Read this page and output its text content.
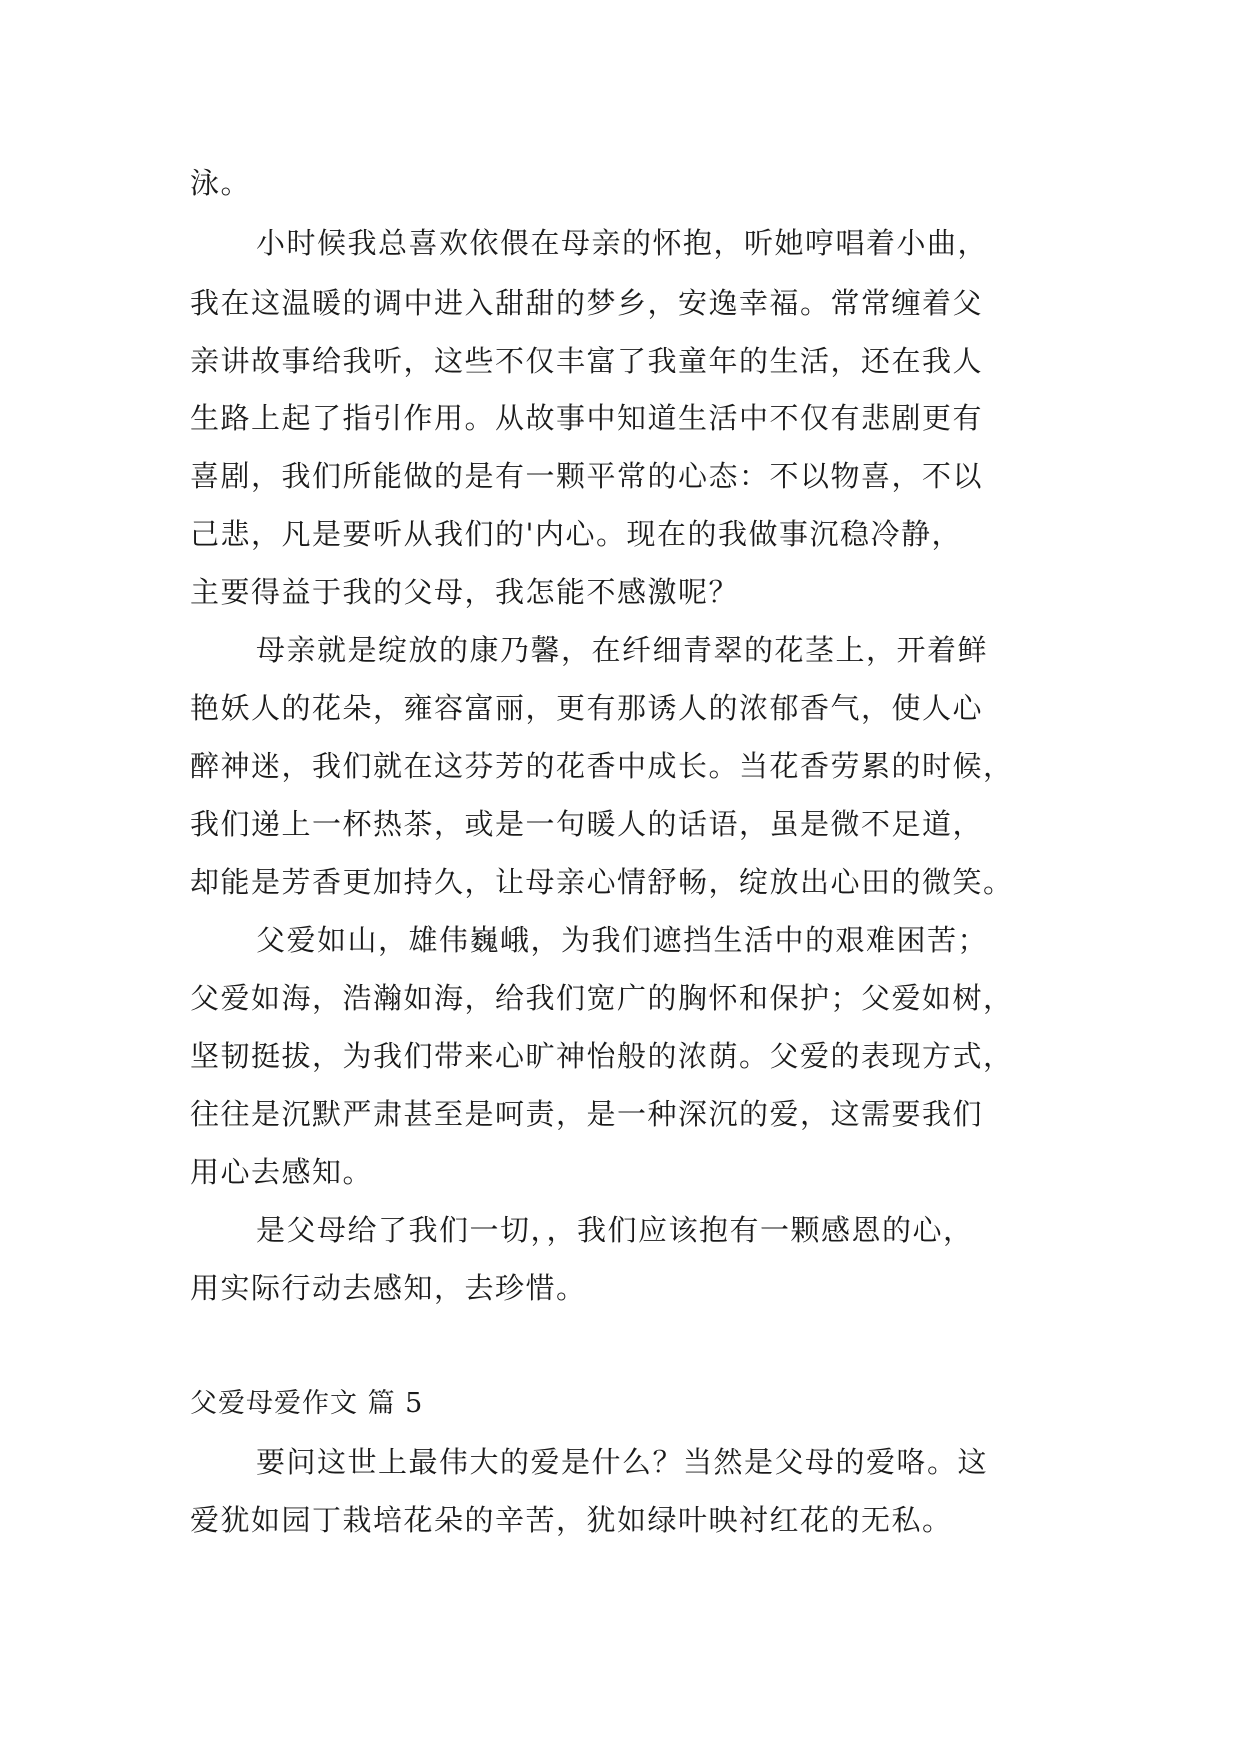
泳。
小时候我总喜欢依偎在母亲的怀抱，听她哼唱着小曲，
我在这温暖的调中进入甜甜的梦乡，安逸幸福。常常缠着父
亲讲故事给我听，这些不仅丰富了我童年的生活，还在我人
生路上起了指引作用。从故事中知道生活中不仅有悲剧更有
喜剧，我们所能做的是有一颗平常的心态：不以物喜，不以
己悲，凡是要听从我们的'内心。现在的我做事沉稳冷静，
主要得益于我的父母，我怎能不感激呢？
母亲就是绽放的康乃馨，在纤细青翠的花茎上，开着鲜
艳妖人的花朵，雍容富丽，更有那诱人的浓郁香气，使人心
醉神迷，我们就在这芬芳的花香中成长。当花香劳累的时候，
我们递上一杯热茶，或是一句暖人的话语，虽是微不足道，
却能是芳香更加持久，让母亲心情舒畅，绽放出心田的微笑。
父爱如山，雄伟巍峨，为我们遮挡生活中的艰难困苦；
父爱如海，浩瀚如海，给我们宽广的胸怀和保护；父爱如树，
坚韧挺拔，为我们带来心旷神怡般的浓荫。父爱的表现方式，
往往是沉默严肃甚至是呵责，是一种深沉的爱，这需要我们
用心去感知。
是父母给了我们一切，，我们应该抱有一颗感恩的心，
用实际行动去感知，去珍惜。
父爱母爱作文 篇 5
要问这世上最伟大的爱是什么？当然是父母的爱咯。这
爱犹如园丁栽培花朵的辛苦，犹如绿叶映衬红花的无私。
